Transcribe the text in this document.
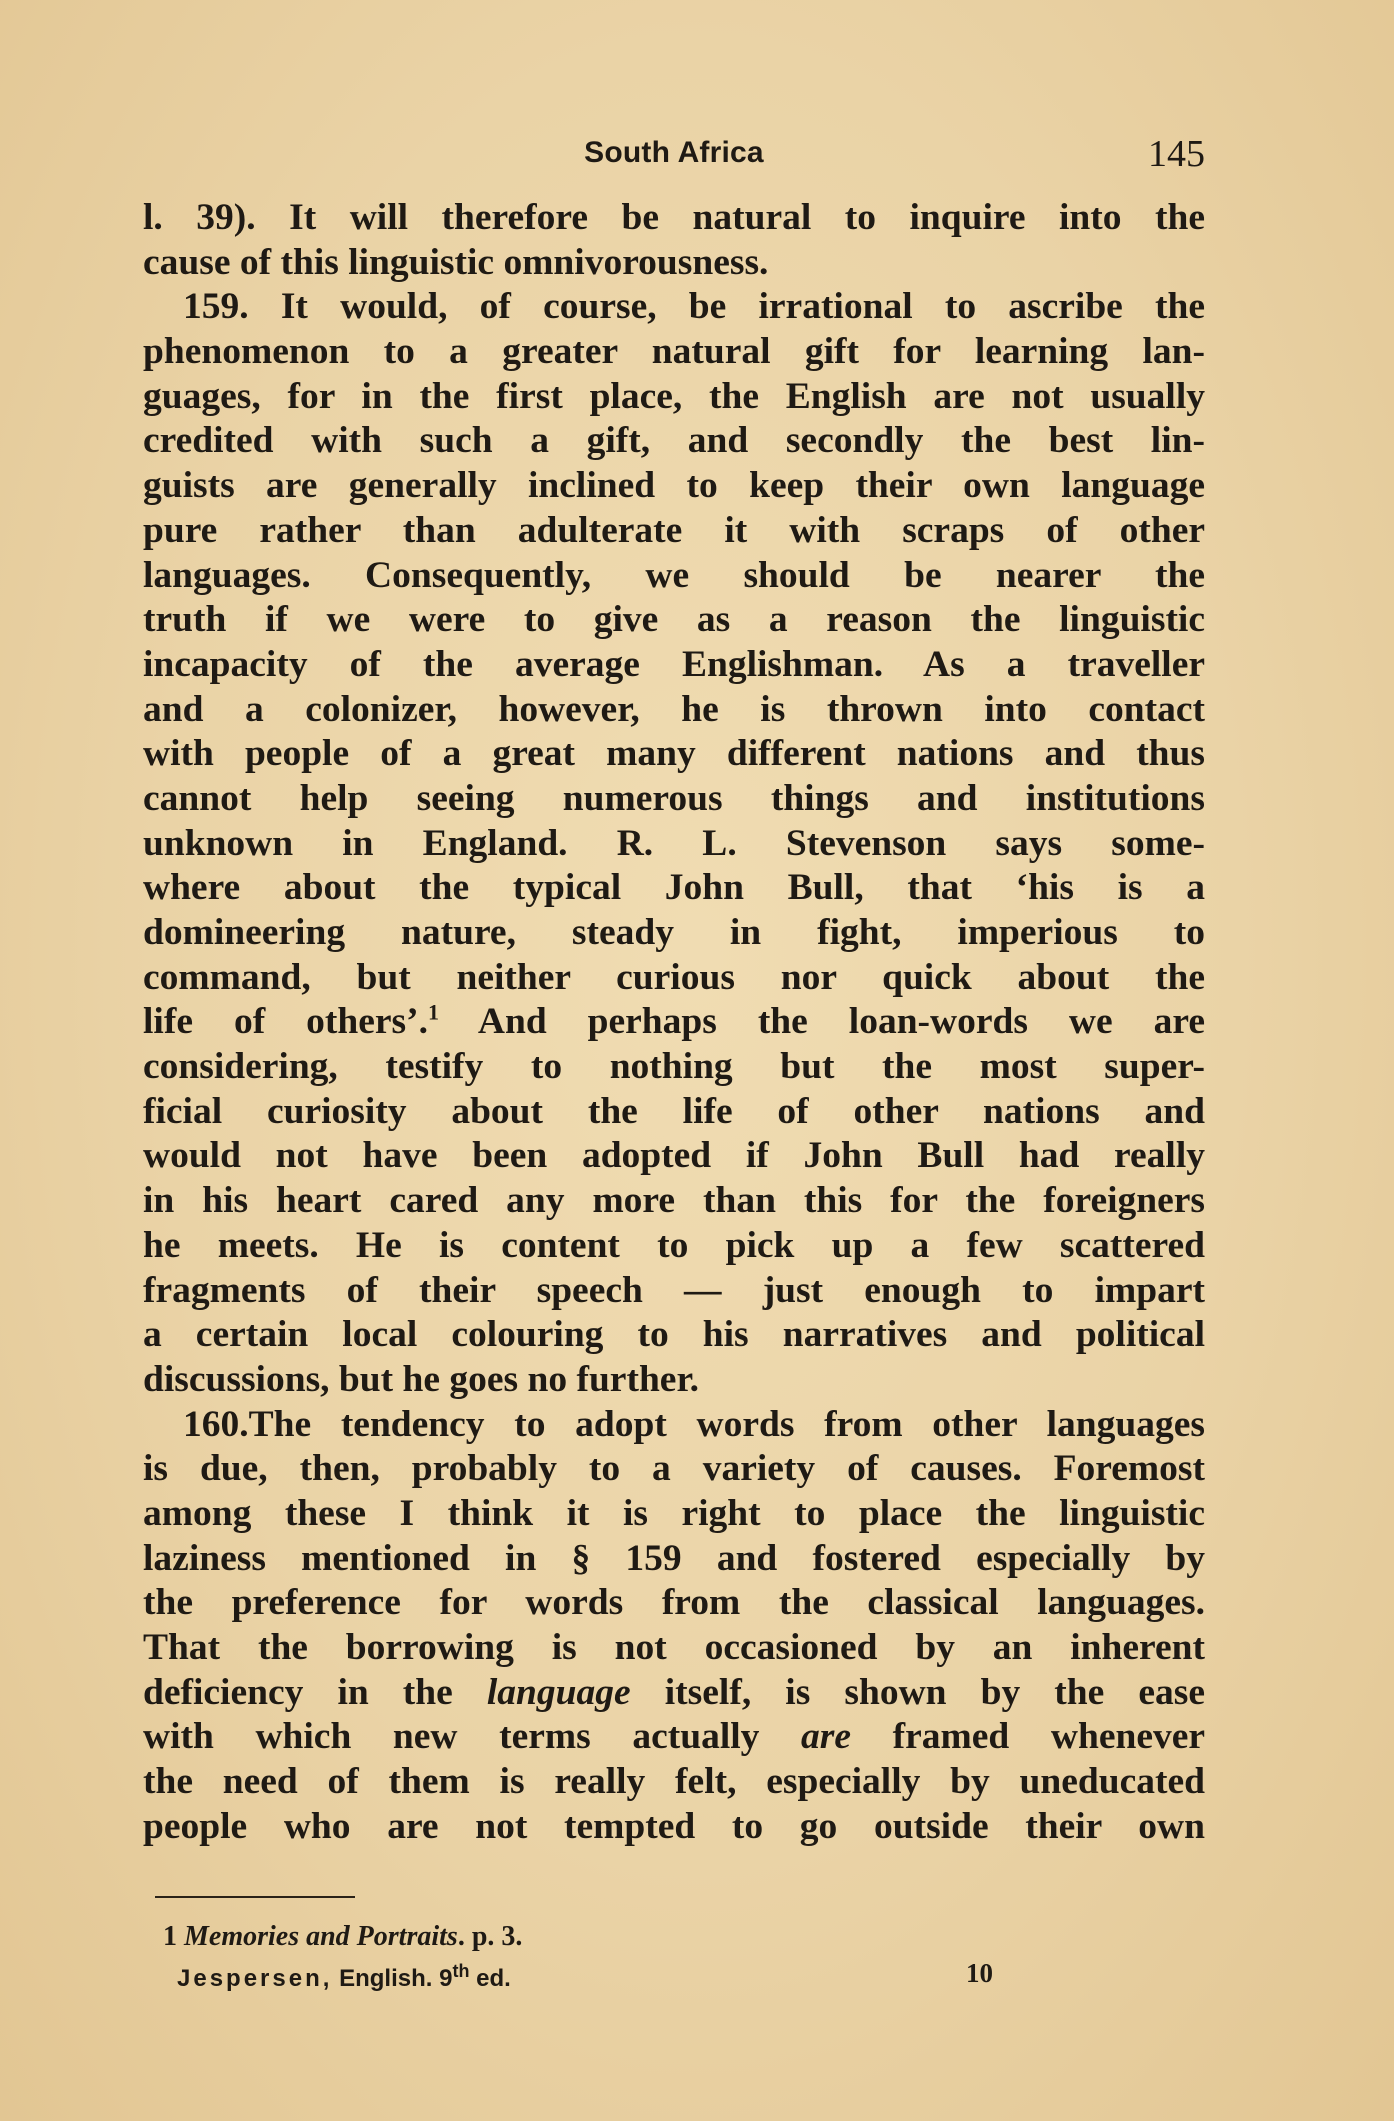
South Africa	145
l. 39). It will therefore be natural to inquire into the
cause of this linguistic omnivorousness.
159. It would, of course, be irrational to ascribe the
phenomenon to a greater natural gift for learning lan-
guages, for in the first place, the English are not usually
credited with such a gift, and secondly the best lin-
guists are generally inclined to keep their own language
pure rather than adulterate it with scraps of other
languages. Consequently, we should be nearer the
truth if we were to give as a reason the linguistic
incapacity of the average Englishman. As a traveller
and a colonizer, however, he is thrown into contact
with people of a great many different nations and thus
cannot help seeing numerous things and institutions
unknown in England. R. L. Stevenson says some-
where about the typical John Bull, that ‘his is a
domineering nature, steady in fight, imperious to
command, but neither curious nor quick about the
life of others’.$^1$ And perhaps the loan-words we are
considering, testify to nothing but the most super-
ficial curiosity about the life of other nations and
would not have been adopted if John Bull had really
in his heart cared any more than this for the foreigners
he meets. He is content to pick up a few scattered
fragments of their speech — just enough to impart
a certain local colouring to his narratives and political
discussions, but he goes no further.
160.The tendency to adopt words from other languages
is due, then, probably to a variety of causes. Foremost
among these I think it is right to place the linguistic
laziness mentioned in § 159 and fostered especially by
the preference for words from the classical languages.
That the borrowing is not occasioned by an inherent
deficiency in the language itself, is shown by the ease
with which new terms actually are framed whenever
the need of them is really felt, especially by uneducated
people who are not tempted to go outside their own
1 Memories and Portraits. p. 3.
Jespersen, English. 9th ed.	10
